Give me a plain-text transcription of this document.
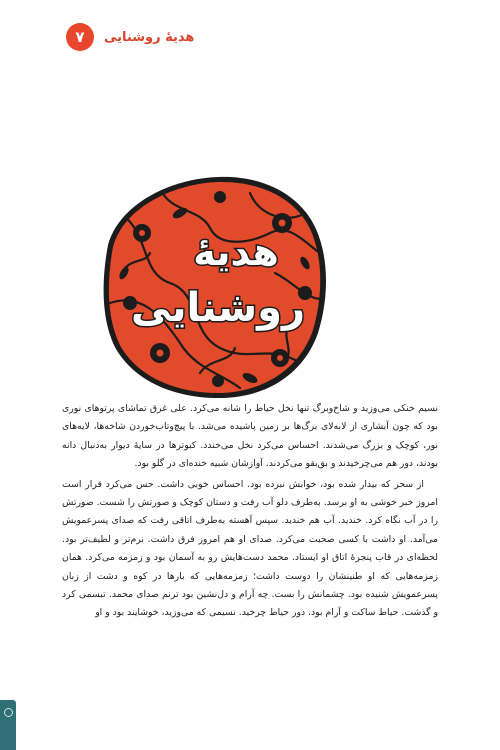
۷	هدیهٔ روشنایی
هدیهٔ
روشنایی

نسیم خنکی می‌وزید و شاخ‌وبرگ تنها نخل حیاط را شانه می‌کرد. علی غرق تماشای پرتوهای نوری بود که چون آبشاری از لابه‌لای برگ‌ها بر زمین پاشیده می‌شد. با پیچ‌وتاب‌خوردن شاخه‌ها، لایه‌های نور، کوچک و بزرگ می‌شدند. احساس می‌کرد نخل می‌خندد. کبوترها در سایهٔ دیوار به‌دنبال دانه بودند، دور هم می‌چرخیدند و بق‌بقو می‌کردند. آوازشان شبیه خنده‌ای در گلو بود.

از سحر که بیدار شده بود، خوابش نبرده بود. احساس خوبی داشت. حس می‌کرد قرار است امروز خبر خوشی به او برسد. به‌طرف دلو آب رفت و دستان کوچک و صورتش را شست. صورتش را در آب نگاه کرد. خندید. آب هم خندید. سپس آهسته به‌طرف اتاقی رفت که صدای پسرعمویش می‌آمد. او داشت با کسی صحبت می‌کرد. صدای او هم امروز فرق داشت. نرم‌تر و لطیف‌تر بود. لحظه‌ای در قاب پنجرهٔ اتاق او ایستاد. محمد دست‌هایش رو به آسمان بود و زمزمه می‌کرد. همان زمزمه‌هایی که او طنینشان را دوست داشت؛ زمزمه‌هایی که بارها در کوه و دشت از زبان پسرعمویش شنیده بود. چشمانش را بست. چه آرام و دل‌نشین بود ترنم صدای محمد. تبسمی کرد و گذشت. حیاط ساکت و آرام بود. دور حیاط چرخید. نسیمی که می‌وزید، خوشایند بود و او
